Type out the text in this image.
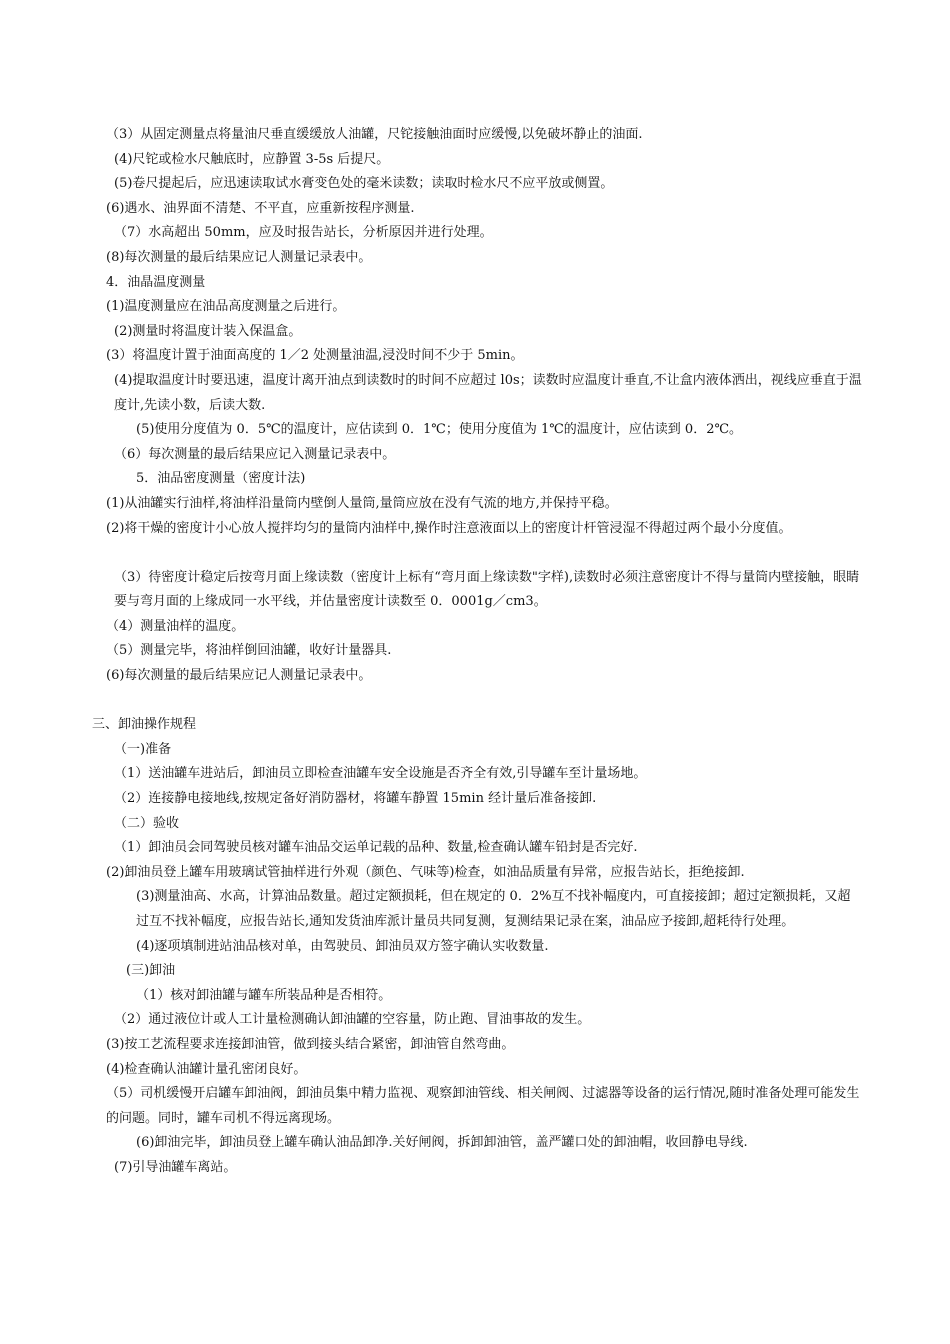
（3）从固定测量点将量油尺垂直缓缓放人油罐，尺铊接触油面时应缓慢,以免破坏静止的油面.

(4)尺铊或检水尺触底时，应静置 3-5s 后提尺。

(5)卷尺提起后，应迅速读取试水膏变色处的毫米读数；读取时检水尺不应平放或侧置。

(6)遇水、油界面不清楚、不平直，应重新按程序测量.

（7）水高超出 50mm，应及时报告站长，分析原因并进行处理。

(8)每次测量的最后结果应记人测量记录表中。

4．油晶温度测量

(1)温度测量应在油品高度测量之后进行。

(2)测量时将温度计装入保温盒。

(3）将温度计置于油面高度的 1／2 处测量油温,浸没时间不少于 5min。

(4)提取温度计时要迅速，温度计离开油点到读数时的时间不应超过 l0s；读数时应温度计垂直,不让盒内液体洒出，视线应垂直于温度计,先读小数，后读大数.

(5)使用分度值为 0．5℃的温度计，应估读到 0．1℃；使用分度值为 1℃的温度计，应估读到 0．2℃。

（6）每次测量的最后结果应记入测量记录表中。

5．油品密度测量（密度计法)

(1)从油罐实行油样,将油样沿量筒内壁倒人量筒,量筒应放在没有气流的地方,并保持平稳。

(2)将干燥的密度计小心放人搅拌均匀的量筒内油样中,操作时注意液面以上的密度计杆管浸湿不得超过两个最小分度值。

（3）待密度计稳定后按弯月面上缘读数（密度计上标有“弯月面上缘读数"字样),读数时必须注意密度计不得与量筒内壁接触，眼睛要与弯月面的上缘成同一水平线，并估量密度计读数至 0．0001g／cm3。

（4）测量油样的温度。

（5）测量完毕，将油样倒回油罐，收好计量器具.

(6)每次测量的最后结果应记人测量记录表中。

三、卸油操作规程

（一)准备

（1）送油罐车进站后，卸油员立即检查油罐车安全设施是否齐全有效,引导罐车至计量场地。

（2）连接静电接地线,按规定备好消防器材，将罐车静置 15min 经计量后准备接卸.

（二）验收

（1）卸油员会同驾驶员核对罐车油品交运单记载的品种、数量,检查确认罐车铅封是否完好.

(2)卸油员登上罐车用玻璃试管抽样进行外观（颜色、气味等)检查，如油品质量有异常，应报告站长，拒绝接卸.

(3)测量油高、水高，计算油品数量。超过定额损耗，但在规定的 0．2%互不找补幅度内，可直接接卸；超过定额损耗，又超过互不找补幅度，应报告站长,通知发货油库派计量员共同复测，复测结果记录在案，油品应予接卸,超耗待行处理。

(4)逐项填制进站油品核对单，由驾驶员、卸油员双方签字确认实收数量.

(三)卸油

（1）核对卸油罐与罐车所装品种是否相符。

（2）通过液位计或人工计量检测确认卸油罐的空容量，防止跑、冒油事故的发生。

(3)按工艺流程要求连接卸油管，做到接头结合紧密，卸油管自然弯曲。

(4)检查确认油罐计量孔密闭良好。

（5）司机缓慢开启罐车卸油阀，卸油员集中精力监视、观察卸油管线、相关闸阀、过滤器等设备的运行情况,随时准备处理可能发生的问题。同时，罐车司机不得远离现场。

(6)卸油完毕，卸油员登上罐车确认油品卸净.关好闸阀，拆卸卸油管，盖严罐口处的卸油帽，收回静电导线.

(7)引导油罐车离站。
